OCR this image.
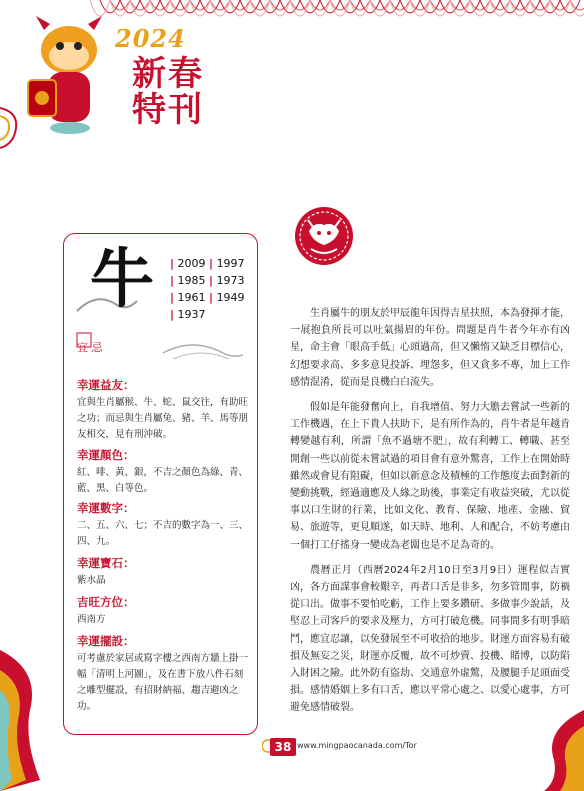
2024
新春
特刊
牛 | 2009 | 1997
| 1985 | 1973
| 1961 | 1949
| 1937
宜 忌
幸運益友：
宜與生肖屬猴、牛、蛇、鼠交往，有助旺之功；而忌與生肖屬兔、豬、羊、馬等朋友相交，見有刑沖破。
幸運顏色：
紅、啡、黃、銀，不吉之顏色為綠、青、藍、黑、白等色。
幸運數字：
二、五、六、七；不吉的數字為一、三、四、九。
幸運寶石：
紫水晶
吉旺方位：
西南方
幸運擺設：
可考慮於家居或寫字樓之西南方牆上掛一幅「清明上河圖」，及在書下放八件石刻之雕型擺設，有招財納福、趨吉避凶之功。

生肖屬牛的朋友於甲辰龍年因得吉星扶照，本為發揮才能，一展抱負所長可以吐氣揚眉的年份。問題是肖牛者今年亦有凶星，命主會「眼高手低」心頭過高，但又懶惰又缺乏目標信心，幻想要求高、多多意見投訴、埋怨多，但又貪多不專，加上工作感情混淆，從而是良機白白流失。

假如是年能發奮向上，自我增值、努力大膽去嘗試一些新的工作機遇，在上下貴人扶助下，是有所作為的，肖牛者是年越肯轉變越有利，所謂「魚不過塘不肥」，故有利轉工、轉職、甚至開創一些以前從未嘗試過的項目會有意外驚喜，工作上在開始時雖然或會見有阻礙，但如以新意念及積極的工作態度去面對新的變動挑戰，經過適應及人緣之助後，事業定有收益突破，尤以從事以口生財的行業，比如文化、教育、保險、地產、金融、貿易、旅遊等，更見順遂，如天時、地利、人和配合，不妨考慮由一個打工仔搖身一變成為老闆也是不足為奇的。

農曆正月（西曆2024年2月10日至3月9日）運程似吉實凶，各方面謀事會較艱辛，再者口舌是非多，勿多管閒事，防禍從口出。做事不要怕吃虧，工作上要多鑽研、多做事少說話，及堅忍上司客戶的要求及壓力，方可打破危機。同事間多有明爭暗鬥，應宜忍讓，以免發展至不可收拾的地步。財運方面容易有破損及無妄之災，財運亦反覆，故不可炒賣、投機、賭博，以防陷入財困之險。此外防有盜劫、交通意外虛驚，及腰腿手足頭面受損。感情婚姻上多有口舌，應以平常心處之、以愛心處事，方可避免感情破裂。

38 www.mingpaocanada.com/Tor
